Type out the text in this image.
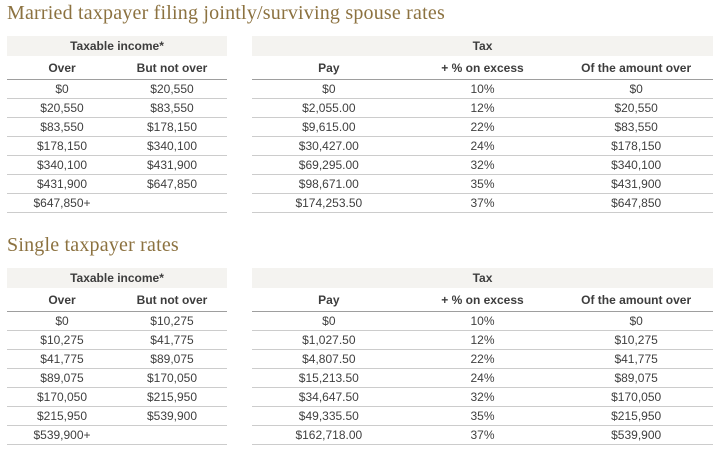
Married taxpayer filing jointly/surviving spouse rates
Taxable income*	
Over	But not over
$0	$20,550
$20,550	$83,550
$83,550	$178,150
$178,150	$340,100
$340,100	$431,900
$431,900	$647,850
$647,850+	
Tax		
Pay	+ % on excess	Of the amount over
$0	10%	$0
$2,055.00	12%	$20,550
$9,615.00	22%	$83,550
$30,427.00	24%	$178,150
$69,295.00	32%	$340,100
$98,671.00	35%	$431,900
$174,253.50	37%	$647,850
Single taxpayer rates
Taxable income*	
Over	But not over
$0	$10,275
$10,275	$41,775
$41,775	$89,075
$89,075	$170,050
$170,050	$215,950
$215,950	$539,900
$539,900+	
Tax		
Pay	+ % on excess	Of the amount over
$0	10%	$0
$1,027.50	12%	$10,275
$4,807.50	22%	$41,775
$15,213.50	24%	$89,075
$34,647.50	32%	$170,050
$49,335.50	35%	$215,950
$162,718.00	37%	$539,900
